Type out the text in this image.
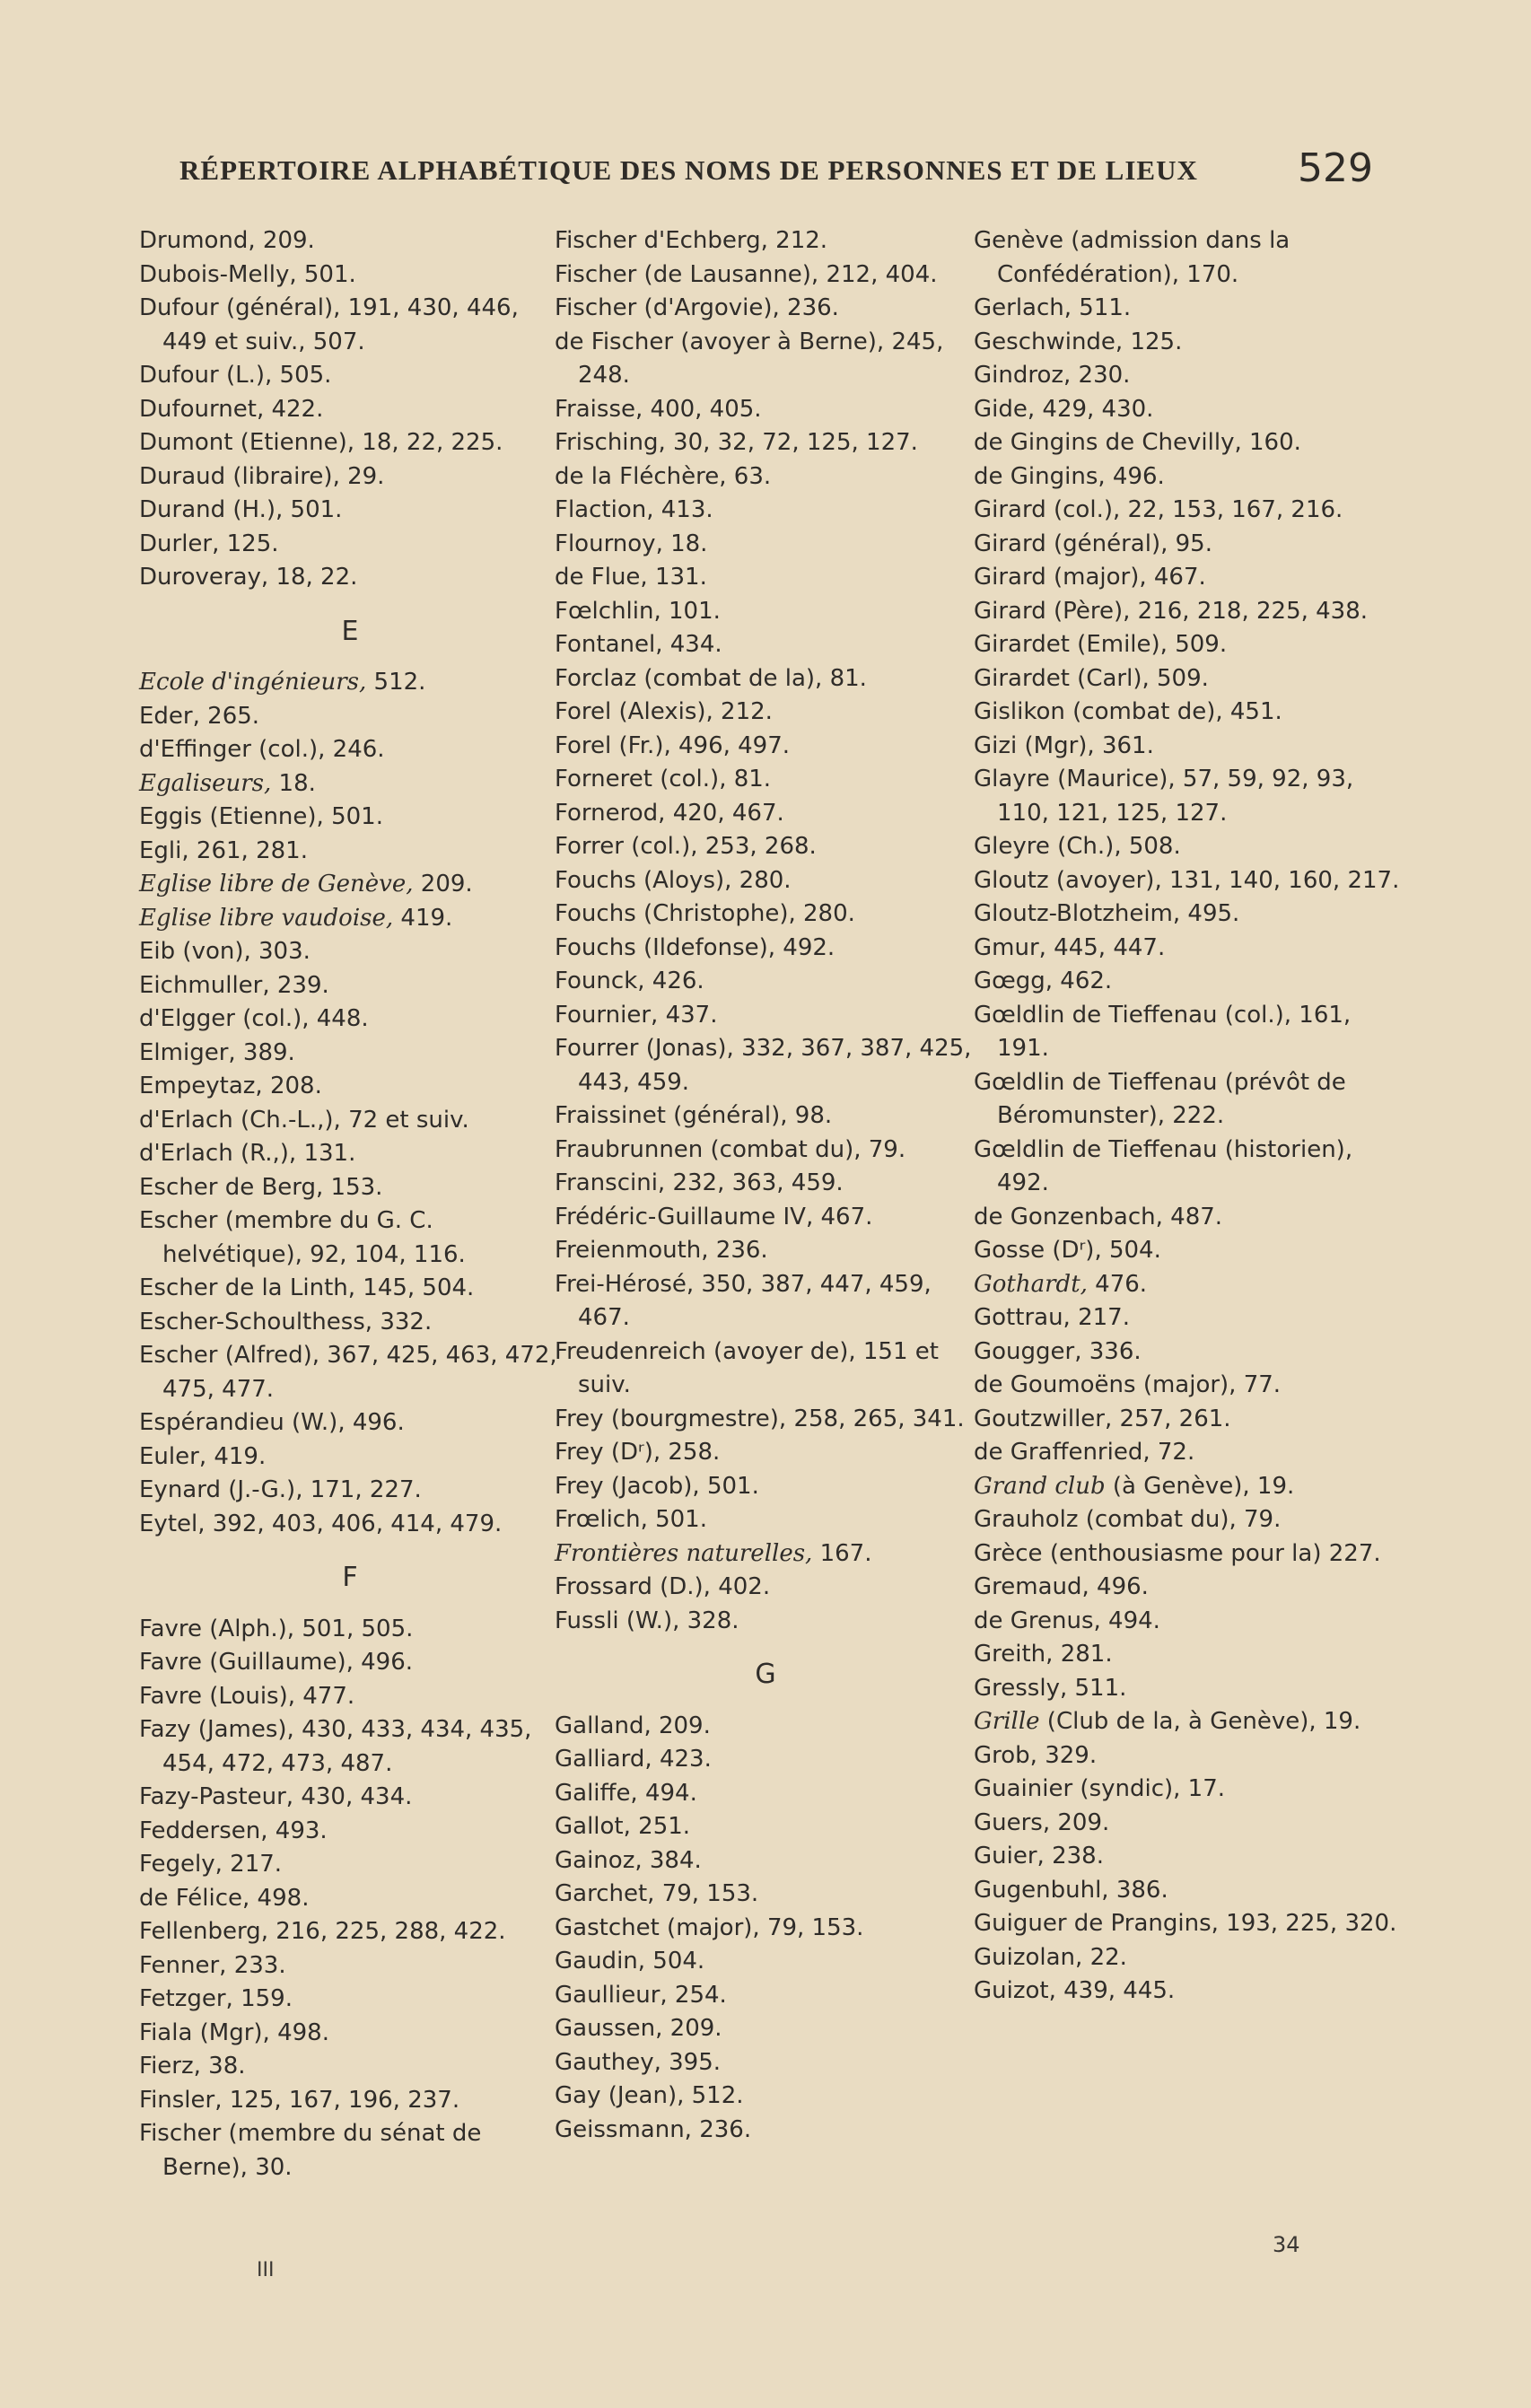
RÉPERTOIRE ALPHABÉTIQUE DES NOMS DE PERSONNES ET DE LIEUX	529
Drumond, 209.
Dubois-Melly, 501.
Dufour (général), 191, 430, 446, 449 et suiv., 507.
Dufour (L.), 505.
Dufournet, 422.
Dumont (Etienne), 18, 22, 225.
Duraud (libraire), 29.
Durand (H.), 501.
Durler, 125.
Duroveray, 18, 22.
E
Ecole d'ingénieurs, 512.
Eder, 265.
d'Effinger (col.), 246.
Egaliseurs, 18.
Eggis (Etienne), 501.
Egli, 261, 281.
Eglise libre de Genève, 209.
Eglise libre vaudoise, 419.
Eib (von), 303.
Eichmuller, 239.
d'Elgger (col.), 448.
Elmiger, 389.
Empeytaz, 208.
d'Erlach (Ch.-L.,), 72 et suiv.
d'Erlach (R.,), 131.
Escher de Berg, 153.
Escher (membre du G. C. helvétique), 92, 104, 116.
Escher de la Linth, 145, 504.
Escher-Schoulthess, 332.
Escher (Alfred), 367, 425, 463, 472, 475, 477.
Espérandieu (W.), 496.
Euler, 419.
Eynard (J.-G.), 171, 227.
Eytel, 392, 403, 406, 414, 479.
F
Favre (Alph.), 501, 505.
Favre (Guillaume), 496.
Favre (Louis), 477.
Fazy (James), 430, 433, 434, 435, 454, 472, 473, 487.
Fazy-Pasteur, 430, 434.
Feddersen, 493.
Fegely, 217.
de Félice, 498.
Fellenberg, 216, 225, 288, 422.
Fenner, 233.
Fetzger, 159.
Fiala (Mgr), 498.
Fierz, 38.
Finsler, 125, 167, 196, 237.
Fischer (membre du sénat de Berne), 30.
Fischer d'Echberg, 212.
Fischer (de Lausanne), 212, 404.
Fischer (d'Argovie), 236.
de Fischer (avoyer à Berne), 245, 248.
Fraisse, 400, 405.
Frisching, 30, 32, 72, 125, 127.
de la Fléchère, 63.
Flaction, 413.
Flournoy, 18.
de Flue, 131.
Fœlchlin, 101.
Fontanel, 434.
Forclaz (combat de la), 81.
Forel (Alexis), 212.
Forel (Fr.), 496, 497.
Forneret (col.), 81.
Fornerod, 420, 467.
Forrer (col.), 253, 268.
Fouchs (Aloys), 280.
Fouchs (Christophe), 280.
Fouchs (Ildefonse), 492.
Founck, 426.
Fournier, 437.
Fourrer (Jonas), 332, 367, 387, 425, 443, 459.
Fraissinet (général), 98.
Fraubrunnen (combat du), 79.
Franscini, 232, 363, 459.
Frédéric-Guillaume IV, 467.
Freienmouth, 236.
Frei-Hérosé, 350, 387, 447, 459, 467.
Freudenreich (avoyer de), 151 et suiv.
Frey (bourgmestre), 258, 265, 341.
Frey (Dʳ), 258.
Frey (Jacob), 501.
Frœlich, 501.
Frontières naturelles, 167.
Frossard (D.), 402.
Fussli (W.), 328.
G
Galland, 209.
Galliard, 423.
Galiffe, 494.
Gallot, 251.
Gainoz, 384.
Garchet, 79, 153.
Gastchet (major), 79, 153.
Gaudin, 504.
Gaullieur, 254.
Gaussen, 209.
Gauthey, 395.
Gay (Jean), 512.
Geissmann, 236.
Genève (admission dans la Confédération), 170.
Gerlach, 511.
Geschwinde, 125.
Gindroz, 230.
Gide, 429, 430.
de Gingins de Chevilly, 160.
de Gingins, 496.
Girard (col.), 22, 153, 167, 216.
Girard (général), 95.
Girard (major), 467.
Girard (Père), 216, 218, 225, 438.
Girardet (Emile), 509.
Girardet (Carl), 509.
Gislikon (combat de), 451.
Gizi (Mgr), 361.
Glayre (Maurice), 57, 59, 92, 93, 110, 121, 125, 127.
Gleyre (Ch.), 508.
Gloutz (avoyer), 131, 140, 160, 217.
Gloutz-Blotzheim, 495.
Gmur, 445, 447.
Gœgg, 462.
Gœldlin de Tieffenau (col.), 161, 191.
Gœldlin de Tieffenau (prévôt de Béromunster), 222.
Gœldlin de Tieffenau (historien), 492.
de Gonzenbach, 487.
Gosse (Dʳ), 504.
Gothardt, 476.
Gottrau, 217.
Gougger, 336.
de Goumoëns (major), 77.
Goutzwiller, 257, 261.
de Graffenried, 72.
Grand club (à Genève), 19.
Grauholz (combat du), 79.
Grèce (enthousiasme pour la) 227.
Gremaud, 496.
de Grenus, 494.
Greith, 281.
Gressly, 511.
Grille (Club de la, à Genève), 19.
Grob, 329.
Guainier (syndic), 17.
Guers, 209.
Guier, 238.
Gugenbuhl, 386.
Guiguer de Prangins, 193, 225, 320.
Guizolan, 22.
Guizot, 439, 445.
III
34
